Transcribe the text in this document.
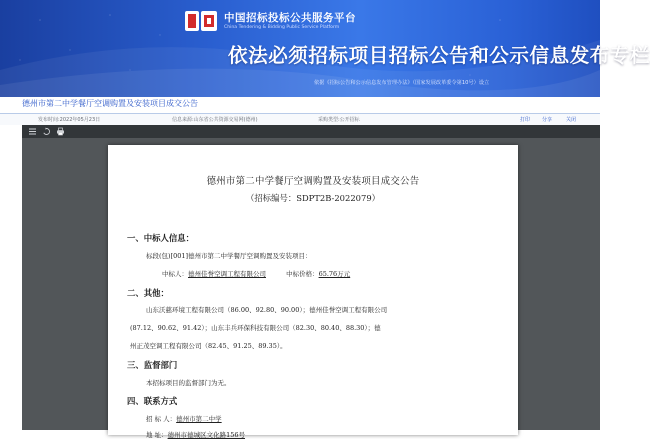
中国招标投标公共服务平台
China Tendering & Bidding Public Service Platform
依法必须招标项目招标公告和公示信息发布专栏
依据《招标公告和公示信息发布管理办法》（国家发展改革委令第10号）设立
德州市第二中学餐厅空调购置及安装项目成交公告
发布时间:2022年05月23日	信息来源:山东省公共资源交易网(德州)	采购类型:公开招标	打印 分享	关闭
德州市第二中学餐厅空调购置及安装项目成交公告
（招标编号：SDPT2B-2022079）
一、中标人信息：
标段(包)[001]德州市第二中学餐厅空调购置及安装项目：
中标人：德州佳誉空调工程有限公司	中标价格：65.76万元
二、其他：
山东沃慈环境工程有限公司（86.00、92.80、90.00）；德州佳誉空调工程有限公司
(87.12、90.62、91.42）；山东丰兵环保科技有限公司（82.30、80.40、88.30）；德
州正茂空调工程有限公司（82.45、91.25、89.35）。
三、监督部门
本招标项目的监督部门为无。
四、联系方式
招 标 人：德州市第二中学
地 址：德州市德城区文化路156号
